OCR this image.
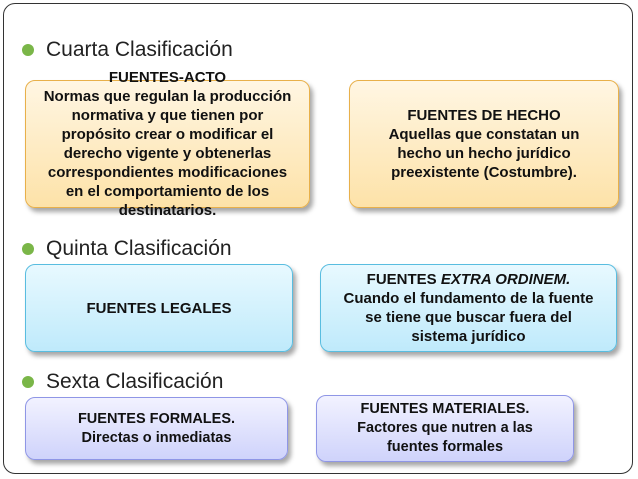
Cuarta Clasificación
FUENTES-ACTO
Normas que regulan la producción
normativa y que tienen por
propósito crear o modificar el
derecho vigente y obtenerlas
correspondientes modificaciones
en el comportamiento de los
destinatarios.
FUENTES DE HECHO
Aquellas que constatan un
hecho un hecho jurídico
preexistente (Costumbre).
Quinta Clasificación
FUENTES LEGALES
FUENTES EXTRA ORDINEM.
Cuando el fundamento de la fuente
se tiene que buscar fuera del
sistema jurídico
Sexta Clasificación
FUENTES FORMALES.
Directas o inmediatas
FUENTES MATERIALES.
Factores que nutren a las
fuentes formales
